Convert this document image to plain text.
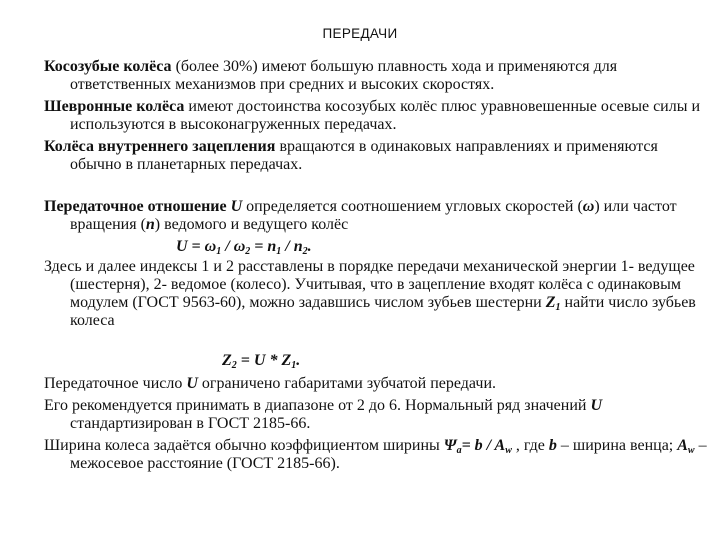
ПЕРЕДАЧИ
Косозубые колёса (более 30%) имеют большую плавность хода и применяются для ответственных механизмов при средних и высоких скоростях.
Шевронные колёса имеют достоинства косозубых колёс плюс уравновешенные осевые силы и используются в высоконагруженных передачах.
Колёса внутреннего зацепления вращаются в одинаковых направлениях и применяются обычно в планетарных передачах.
Передаточное отношение U определяется соотношением угловых скоростей (ω) или частот вращения (n) ведомого и ведущего колёс
$U = \omega_1 / \omega_2 = n_1 / n_2$.
Здесь и далее индексы 1 и 2 расставлены в порядке передачи механической энергии 1- ведущее (шестерня), 2- ведомое (колесо). Учитывая, что в зацепление входят колёса с одинаковым модулем (ГОСТ 9563-60), можно задавшись числом зубьев шестерни $Z_1$ найти число зубьев колеса
$Z_2 = U * Z_1$.
Передаточное число U ограничено габаритами зубчатой передачи.
Его рекомендуется принимать в диапазоне от 2 до 6. Нормальный ряд значений U стандартизирован в ГОСТ 2185-66.
Ширина колеса задаётся обычно коэффициентом ширины $\Psi_a= b / A_w$ , где b – ширина венца; $A_w$ – межосевое расстояние (ГОСТ 2185-66).
